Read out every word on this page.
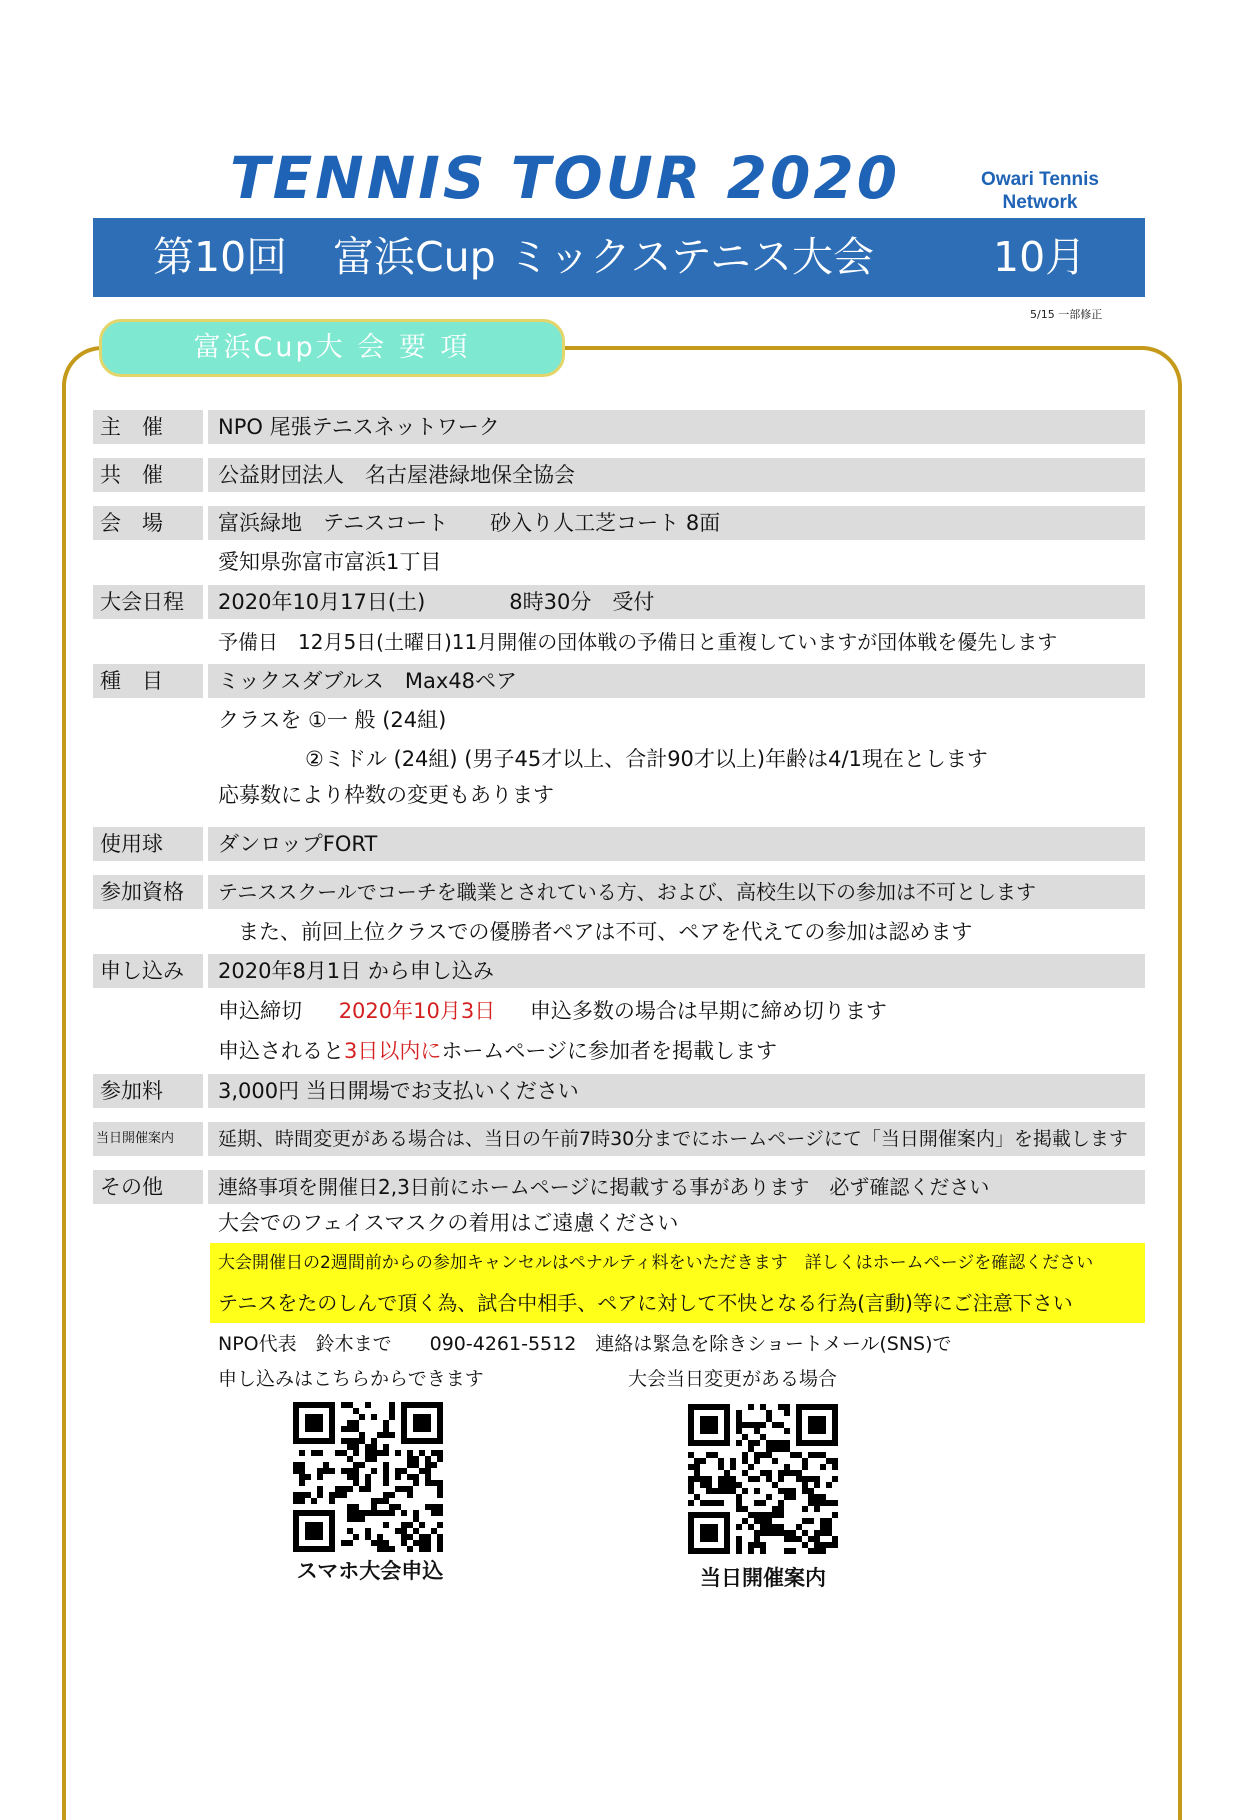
TENNIS TOUR 2020	Owari Tennis
Network
第10回 富浜Cup ミックステニス大会	10月
5/15 一部修正
富浜Cup大 会 要 項
主　催	NPO 尾張テニスネットワーク
共　催	公益財団法人　名古屋港緑地保全協会
会　場	富浜緑地　テニスコート　　砂入り人工芝コート 8面
愛知県弥富市富浜1丁目
大会日程 2020年10月17日(土)　　　　8時30分　受付
予備日　12月5日(土曜日)11月開催の団体戦の予備日と重複していますが団体戦を優先します
種　目	ミックスダブルス　Max48ペア
クラスを ①一 般 (24組)
②ミドル (24組) (男子45才以上、合計90才以上)年齢は4/1現在とします
応募数により枠数の変更もあります
使用球	ダンロップFORT
参加資格 テニススクールでコーチを職業とされている方、および、高校生以下の参加は不可とします
また、前回上位クラスでの優勝者ペアは不可、ペアを代えての参加は認めます
申し込み 2020年8月1日 から申し込み
申込締切 2020年10月3日 申込多数の場合は早期に締め切ります
申込されると3日以内にホームページに参加者を掲載します
参加料	3,000円 当日開場でお支払いください
当日開催案内 延期、時間変更がある場合は、当日の午前7時30分までにホームページにて「当日開催案内」を掲載します
その他	連絡事項を開催日2,3日前にホームページに掲載する事があります　必ず確認ください
大会でのフェイスマスクの着用はご遠慮ください
大会開催日の2週間前からの参加キャンセルはペナルティ料をいただきます　詳しくはホームページを確認ください
テニスをたのしんで頂く為、試合中相手、ペアに対して不快となる行為(言動)等にご注意下さい
NPO代表　鈴木まで　　090-4261-5512　連絡は緊急を除きショートメール(SNS)で
申し込みはこちらからできます	大会当日変更がある場合
スマホ大会申込	当日開催案内
